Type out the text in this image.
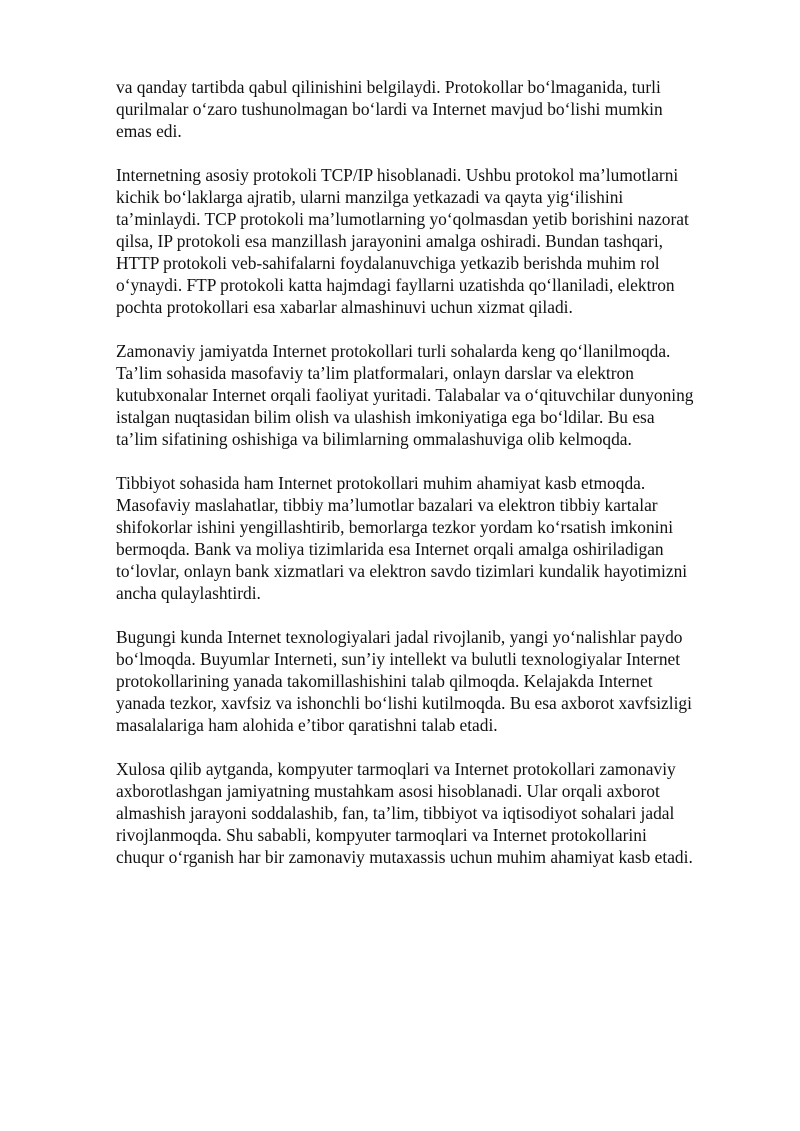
va qanday tartibda qabul qilinishini belgilaydi. Protokollar bo‘lmaganida, turli
qurilmalar o‘zaro tushunolmagan bo‘lardi va Internet mavjud bo‘lishi mumkin
emas edi.

Internetning asosiy protokoli TCP/IP hisoblanadi. Ushbu protokol ma’lumotlarni
kichik bo‘laklarga ajratib, ularni manzilga yetkazadi va qayta yig‘ilishini
ta’minlaydi. TCP protokoli ma’lumotlarning yo‘qolmasdan yetib borishini nazorat
qilsa, IP protokoli esa manzillash jarayonini amalga oshiradi. Bundan tashqari,
HTTP protokoli veb-sahifalarni foydalanuvchiga yetkazib berishda muhim rol
o‘ynaydi. FTP protokoli katta hajmdagi fayllarni uzatishda qo‘llaniladi, elektron
pochta protokollari esa xabarlar almashinuvi uchun xizmat qiladi.

Zamonaviy jamiyatda Internet protokollari turli sohalarda keng qo‘llanilmoqda.
Ta’lim sohasida masofaviy ta’lim platformalari, onlayn darslar va elektron
kutubxonalar Internet orqali faoliyat yuritadi. Talabalar va o‘qituvchilar dunyoning
istalgan nuqtasidan bilim olish va ulashish imkoniyatiga ega bo‘ldilar. Bu esa
ta’lim sifatining oshishiga va bilimlarning ommalashuviga olib kelmoqda.

Tibbiyot sohasida ham Internet protokollari muhim ahamiyat kasb etmoqda.
Masofaviy maslahatlar, tibbiy ma’lumotlar bazalari va elektron tibbiy kartalar
shifokorlar ishini yengillashtirib, bemorlarga tezkor yordam ko‘rsatish imkonini
bermoqda. Bank va moliya tizimlarida esa Internet orqali amalga oshiriladigan
to‘lovlar, onlayn bank xizmatlari va elektron savdo tizimlari kundalik hayotimizni
ancha qulaylashtirdi.

Bugungi kunda Internet texnologiyalari jadal rivojlanib, yangi yo‘nalishlar paydo
bo‘lmoqda. Buyumlar Interneti, sun’iy intellekt va bulutli texnologiyalar Internet
protokollarining yanada takomillashishini talab qilmoqda. Kelajakda Internet
yanada tezkor, xavfsiz va ishonchli bo‘lishi kutilmoqda. Bu esa axborot xavfsizligi
masalalariga ham alohida e’tibor qaratishni talab etadi.

Xulosa qilib aytganda, kompyuter tarmoqlari va Internet protokollari zamonaviy
axborotlashgan jamiyatning mustahkam asosi hisoblanadi. Ular orqali axborot
almashish jarayoni soddalashib, fan, ta’lim, tibbiyot va iqtisodiyot sohalari jadal
rivojlanmoqda. Shu sababli, kompyuter tarmoqlari va Internet protokollarini
chuqur o‘rganish har bir zamonaviy mutaxassis uchun muhim ahamiyat kasb etadi.
